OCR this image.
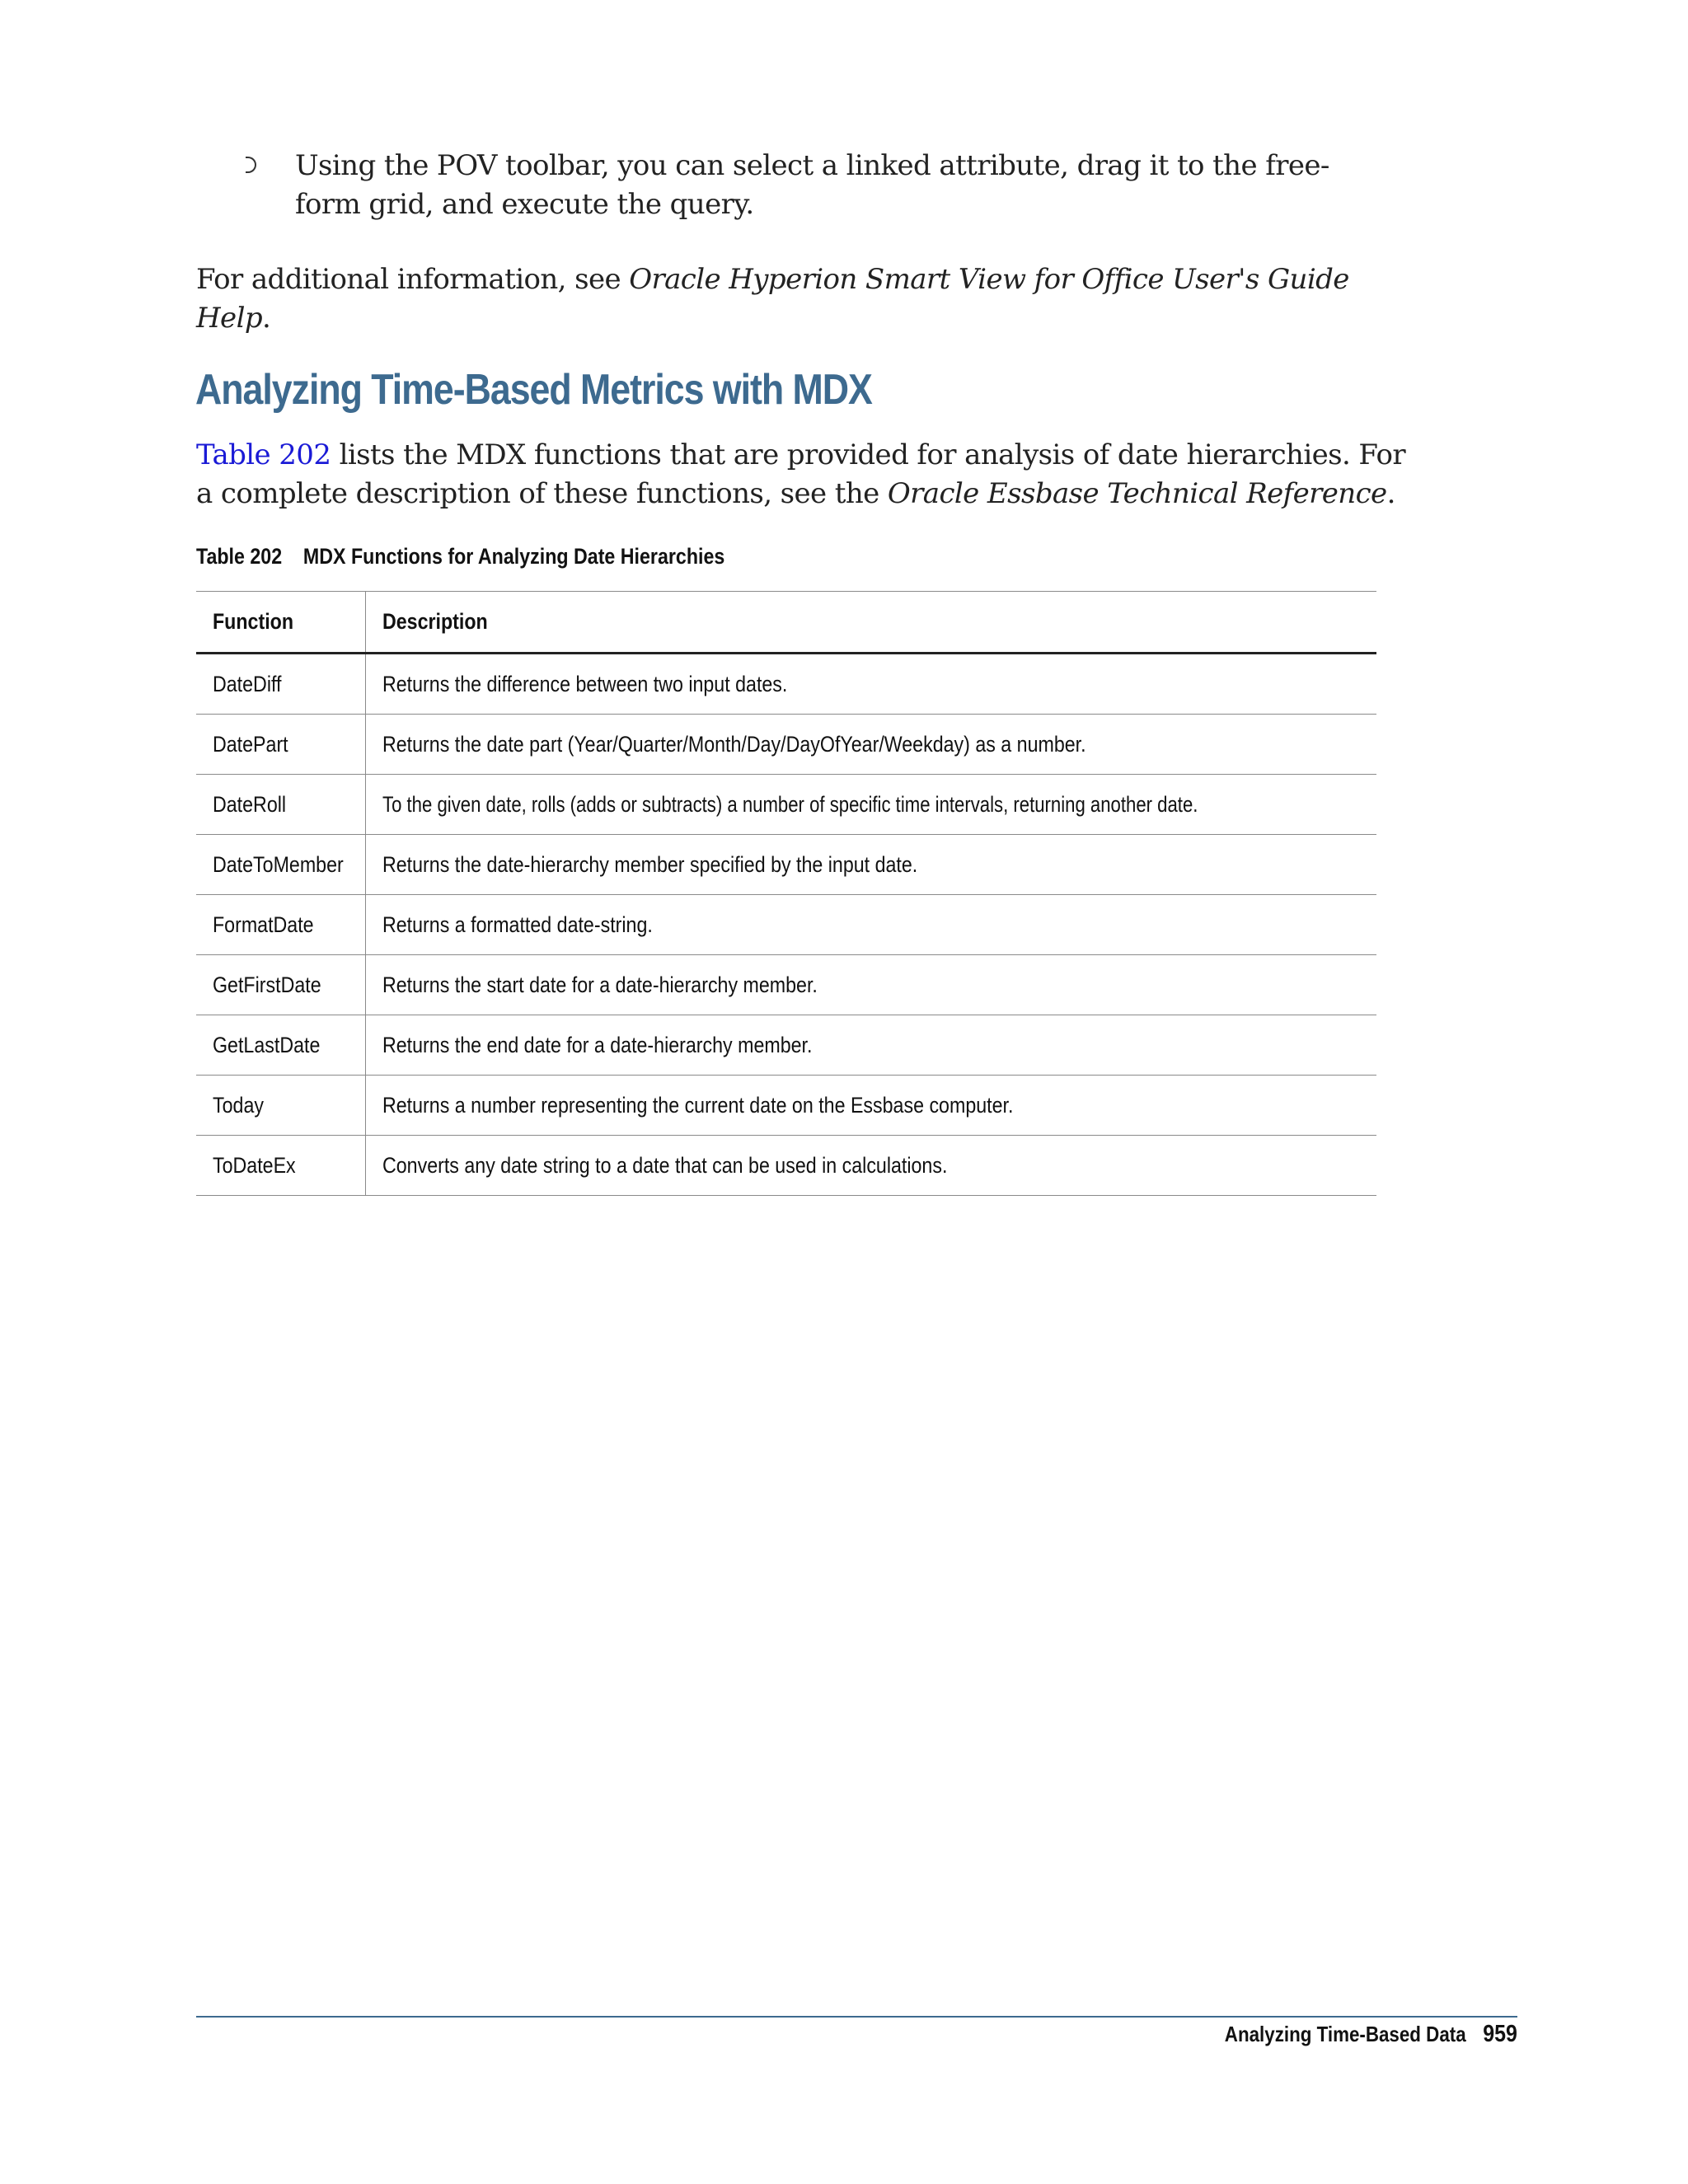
Using the POV toolbar, you can select a linked attribute, drag it to the free-form grid, and execute the query.
For additional information, see Oracle Hyperion Smart View for Office User's Guide Help.
Analyzing Time-Based Metrics with MDX
Table 202 lists the MDX functions that are provided for analysis of date hierarchies. For a complete description of these functions, see the Oracle Essbase Technical Reference.
Table 202 MDX Functions for Analyzing Date Hierarchies
Function	Description
DateDiff	Returns the difference between two input dates.
DatePart	Returns the date part (Year/Quarter/Month/Day/DayOfYear/Weekday) as a number.
DateRoll	To the given date, rolls (adds or subtracts) a number of specific time intervals, returning another date.
DateToMember	Returns the date-hierarchy member specified by the input date.
FormatDate	Returns a formatted date-string.
GetFirstDate	Returns the start date for a date-hierarchy member.
GetLastDate	Returns the end date for a date-hierarchy member.
Today	Returns a number representing the current date on the Essbase computer.
ToDateEx	Converts any date string to a date that can be used in calculations.
Analyzing Time-Based Data 959
